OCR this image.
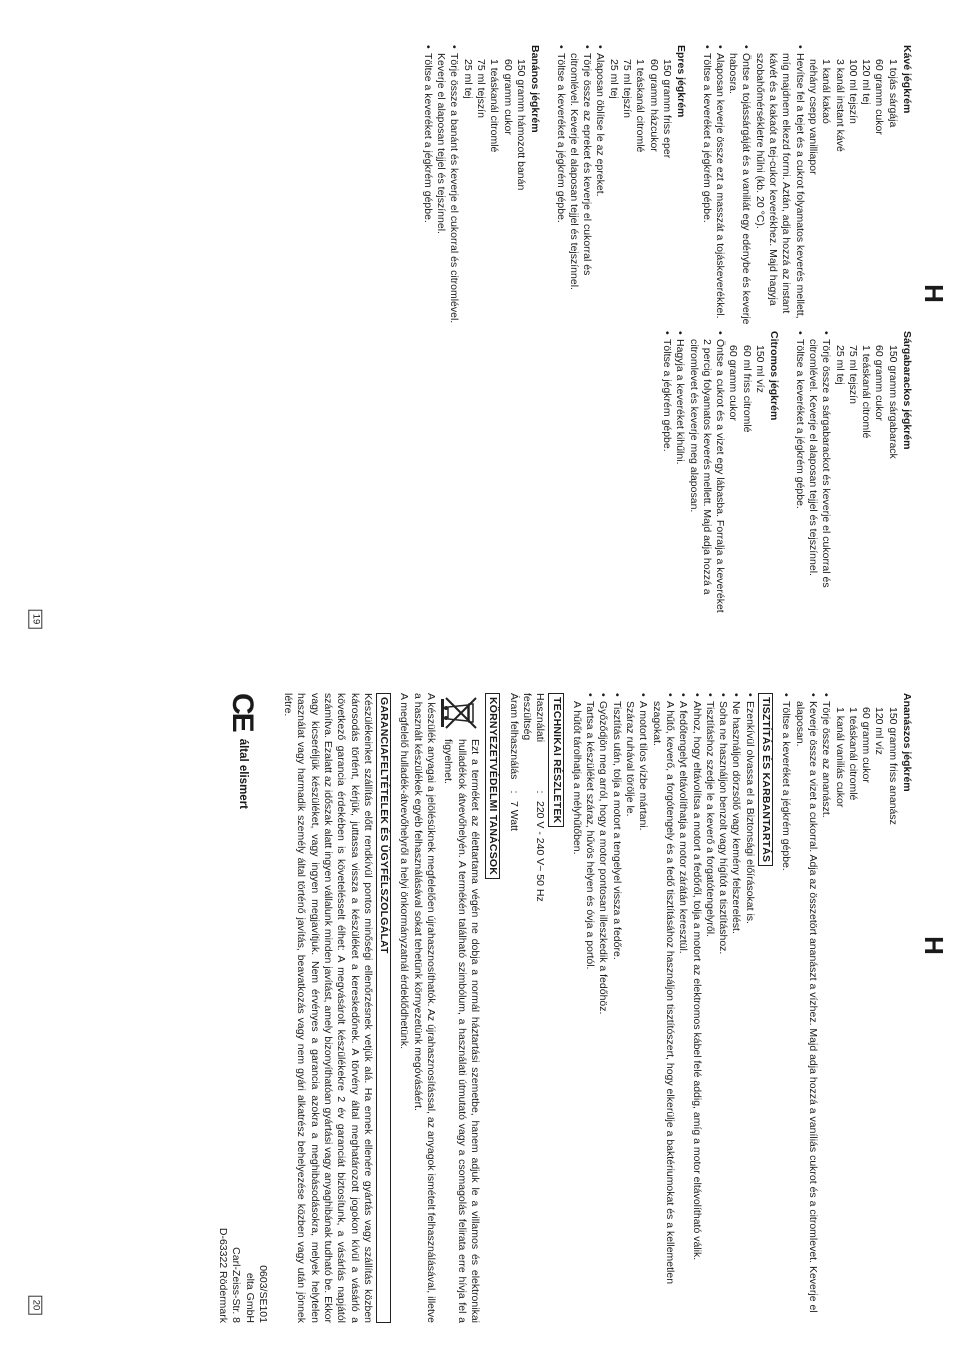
Kávé jégkrém
1 tojás sárgája
60 gramm cukor
120 ml tej
100 ml tejszín
3 kanál instant kávé
1 kanál kakaó
néhány csepp vanilliapor
• Hevítse fel a tejet és a cukrot folyamatos keverés mellett, míg majdnem elkezd forrni. Aztán, adja hozzá az instant kávét és a kakaót a tej-cukor keverékhez. Majd hagyja szobahőmérsékletre hűlni (kb. 20 °C).
• Öntse a tojássárgáját és a vaniliát egy edénybe és keverje habosra.
• Alaposan keverje össze ezt a masszát a tojáskeverékkel.
• Töltse a keveréket a jégkrém gépbe.
Epres jégkrém
150 gramm friss eper
60 gramm házcukor
1 teáskanál citromlé
75 ml tejszín
25 ml tej
• Alaposan öblítse le az epreket.
• Törje össze az epreket és keverje el cukorral és citromlével. Keverje el alaposan tejjel és tejszínnel.
• Töltse a keveréket a jégkrém gépbe.
Banános jégkrém
150 gramm hámozott banán
60 gramm cukor
1 teáskanál citromlé
75 ml tejszín
25 ml tej
• Törje össze a banánt és keverje el cukorral és citromlével. Keverje el alaposan tejjel és tejszínnel.
• Töltse a keveréket a jégkrém gépbe.
Sárgabarackos jégkrém
150 gramm sárgabarack
60 gramm cukor
1 teáskanál citromlé
75 ml tejszín
25 ml tej
• Törje össze a sárgabarackot és keverje el cukorral és citromlével. Keverje el alaposan tejjel és tejszínnel.
• Töltse a keveréket a jégkrém gépbe.
Citromos jégkrém
150 ml víz
60 ml friss citromlé
60 gramm cukor
• Öntse a cukrot és a vizet egy lábasba. Forralja a keveréket 2 percig folyamatos keverés mellett. Majd adja hozzá a citromlevet és keverje meg alaposan.
• Hagyja a keveréket kihűlni.
• Töltse a jégkrém gépbe.
H
19
Ananászos jégkrém
150 gramm friss ananász
120 ml víz
60 gramm cukor
1 teáskanál citromlé
1 kanál vaniliás cukor
• Törje össze az ananászt.
• Keverje össze a vizet a cukorral. Adja az összetört ananászt a vízhez. Majd adja hozzá a vaníliás cukrot és a citromlevet. Keverje el alaposan.
• Töltse a keveréket a jégkrém gépbe.
TISZTÍTÁS ÉS KARBANTARTÁS
• Ezenkívül olvassa el a Biztonsági előírásokat is.
• Ne használjon dörzsölő vagy kemény felszerelést.
• Soha ne használjon benzolt vagy hígítót a tisztításhoz.
• Tisztításhoz szedje le a keverő a forgatótengelyről.
• Ahhoz, hogy eltávolítsa a motort a fedőről, tolja a motort az elektromos kábel felé addig, amíg a motor eltávolítható válik.
• A fedőtengelyt eltávolíthatja a motor zárátán keresztül.
• A hűtő, keverő, a forgótengely és a fedő tisztításához használjon tisztítószert, hogy elkerülje a baktériumokat és a kellemetlen szagokat.
• A motort tilos vízbe mártani.
Száraz ruhával törölje le.
• Tisztítás után, tolja a motort a tengelyel vissza a fedőre.
• Győződjön meg arról, hogy a motor pontosan illeszkedik a fedőhöz.
• Tartsa a készüléket száraz, hűvös helyen és óvja a portól.
A hűtőt tárolhatja a mélyhűtőben.
TECHNIKAI RÉSZLETEK
Használati feszültség
:
220 V - 240 V~ 50 Hz
Áram felhasználás
:
7 Watt
KÖRNYEZETVÉDELMI TANÁCSOK
Ezt a terméket az élettartama végén ne dobja a normál háztartási szemetbe, hanem adjuk le a villamos és elektronikai hulladékok átvevőhelyén. A termékén található szimbólum, a használati útmutató vagy a csomagolás feliratа erre hívja fel a figyelmet.
A készülék anyagai a jelölésüknek megfelelően újrahasznosíthatók. Az újrahasznosítással, az anyagok ismételt felhasználásával, illetve a használt készülékek egyéb felhasználásával sokat tehetünk környezetünk megóvásáért.
A megfelelő hulladék-átvevőhelyről a helyi önkormányzatnál érdeklődhetünk.
GARANCIAFELTÉTELEK ÉS ÜGYFÉLSZOLGÁLAT
Készülékeinket szállítás előtt rendkívül pontos minőségi ellenőrzésnek vetjük alá. Ha ennek ellenére gyártás vagy szállítás közben károsodás történt, kérjük, juttassa vissza a készüléket a kereskedőnek. A törvény által meghatározott jogokon kívül a vásárló a következő garancia érdekében is követelésselt élhet: A megvásárolt készülékekre 2 év garanciát biztosítunk, a vásárlás napjától számítva. Ezalatt az időszak alatt ingyen vállalunk minden javítást, amely bizonyíthatóan gyártási vagy anyaghibának tudható be. Ekkor vagy kicseréljük készüléket, vagy ingyen megjavítjuk. Nem érvényes a garancia azokra a meghibásodásokra, melyek helytelen használat vagy harmadik személy által történő javítás, beavatkozás vagy nem gyári alkatrész behelyezése közben vagy után jönnek létre.
CE
által elismert
0603/SE101
elta GmbH
Carl-Zeiss-Str. 8
D-63322 Rödermark
H
20
